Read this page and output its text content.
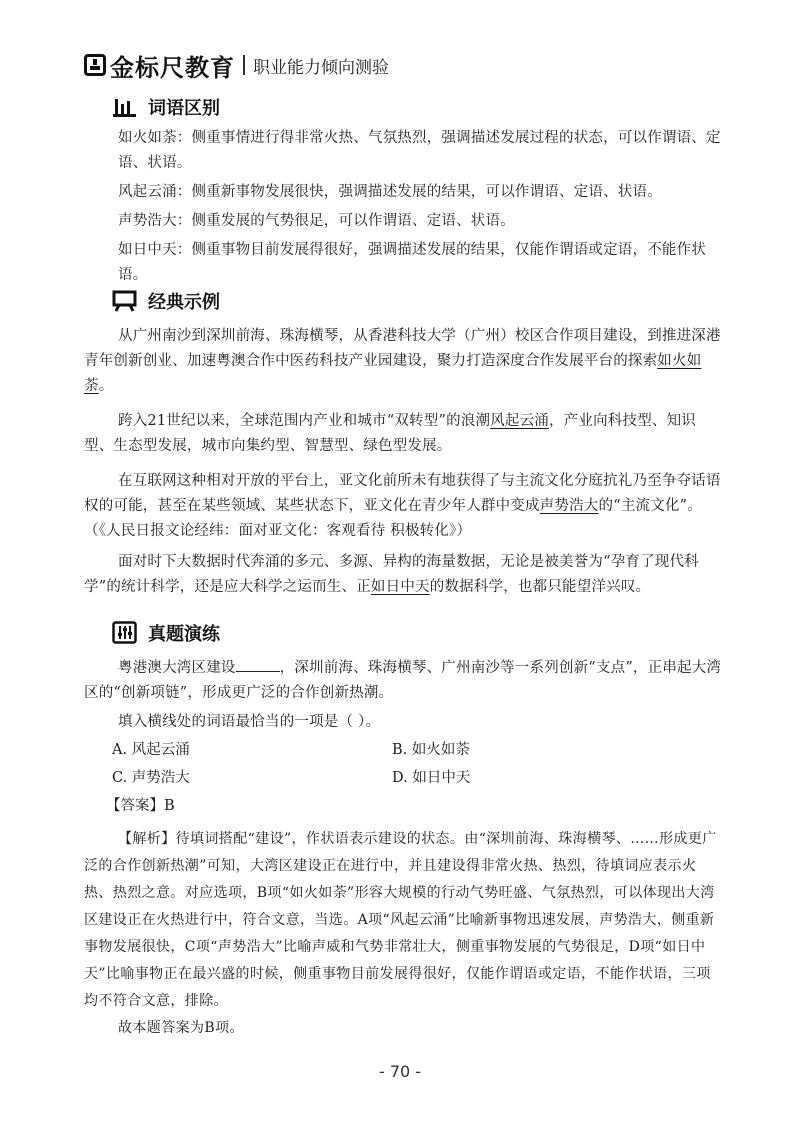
金标尺教育 职业能力倾向测验
词语区别

如火如荼：侧重事情进行得非常火热、气氛热烈，强调描述发展过程的状态，可以作谓语、定语、状语。

风起云涌：侧重新事物发展很快，强调描述发展的结果，可以作谓语、定语、状语。

声势浩大：侧重发展的气势很足，可以作谓语、定语、状语。

如日中天：侧重事物目前发展得很好，强调描述发展的结果，仅能作谓语或定语，不能作状语。

经典示例

从广州南沙到深圳前海、珠海横琴，从香港科技大学（广州）校区合作项目建设，到推进深港青年创新创业、加速粤澳合作中医药科技产业园建设，聚力打造深度合作发展平台的探索如火如荼。

跨入21世纪以来，全球范围内产业和城市“双转型”的浪潮风起云涌，产业向科技型、知识型、生态型发展，城市向集约型、智慧型、绿色型发展。

在互联网这种相对开放的平台上，亚文化前所未有地获得了与主流文化分庭抗礼乃至争夺话语权的可能，甚至在某些领域、某些状态下，亚文化在青少年人群中变成声势浩大的“主流文化”。（《人民日报文论经纬：面对亚文化：客观看待 积极转化》）

面对时下大数据时代奔涌的多元、多源、异构的海量数据，无论是被美誉为“孕育了现代科学”的统计科学，还是应大科学之运而生、正如日中天的数据科学，也都只能望洋兴叹。

真题演练

粤港澳大湾区建设	，深圳前海、珠海横琴、广州南沙等一系列创新“支点”，正串起大湾区的“创新项链”，形成更广泛的合作创新热潮。

填入横线处的词语最恰当的一项是（ ）。

A. 风起云涌	B. 如火如荼
C. 声势浩大	D. 如日中天
【答案】B

【解析】待填词搭配“建设”，作状语表示建设的状态。由“深圳前海、珠海横琴、……形成更广泛的合作创新热潮”可知，大湾区建设正在进行中，并且建设得非常火热、热烈，待填词应表示火热、热烈之意。对应选项，B项“如火如荼”形容大规模的行动气势旺盛、气氛热烈，可以体现出大湾区建设正在火热进行中，符合文意，当选。A项“风起云涌”比喻新事物迅速发展，声势浩大，侧重新事物发展很快，C项“声势浩大”比喻声威和气势非常壮大，侧重事物发展的气势很足，D项“如日中天”比喻事物正在最兴盛的时候，侧重事物目前发展得很好，仅能作谓语或定语，不能作状语，三项均不符合文意，排除。

故本题答案为B项。

- 70 -
